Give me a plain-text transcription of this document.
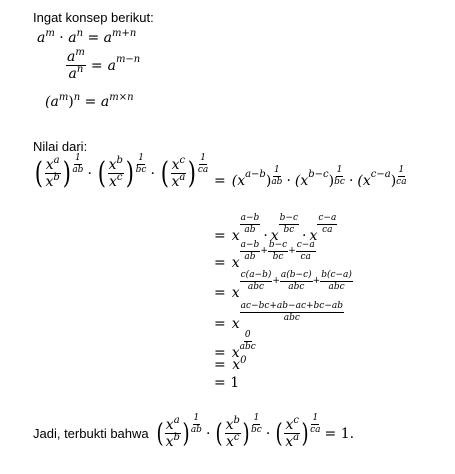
Ingat konsep berikut:
$a^m \cdot a^n = a^{m+n}$
$\frac{a^m}{a^n} = a$ m−n
$(a^m)^n = a^{m\times n}$
Nilai dari:
( $\frac{x^a}{x^b}$ ) $\frac{1}{ab}$ · ( $\frac{x^b}{x^c}$ ) $\frac{1}{bc}$ · ( $\frac{x^c}{x^a}$ ) $\frac{1}{ca}$
= (x a−b ) $\frac{1}{ab} \cdot (x$ b−c ) $\frac{1}{bc} \cdot (x$ c−a ) $\frac{1}{ca}$
= x
$\frac{a-b}{ab}$
· x
$\frac{b-c}{bc}$
· x
$\frac{c-a}{ca}$
= x
$\frac{a-b}{ab} + \frac{b-c}{bc} + \frac{c-a}{ca}$
= x
$\frac{c(a-b)}{\text{abc}} + \frac{a(b-c)}{\text{abc}} + \frac{b(c-a)}{\text{abc}}$
= x
$\frac{ac-bc+ab-ac+bc-ab}{\text{abc}}$
= x
$\frac{0}{\text{abc}}$
= $x^0$
= 1
Jadi, terbukti bahwa ( $\frac{x^a}{x^b}$ ) $\frac{1}{ab}$ · ( $\frac{x^b}{x^c}$ ) $\frac{1}{bc}$ · ( $\frac{x^c}{x^a}$ ) $\frac{1}{ca} = 1$.
